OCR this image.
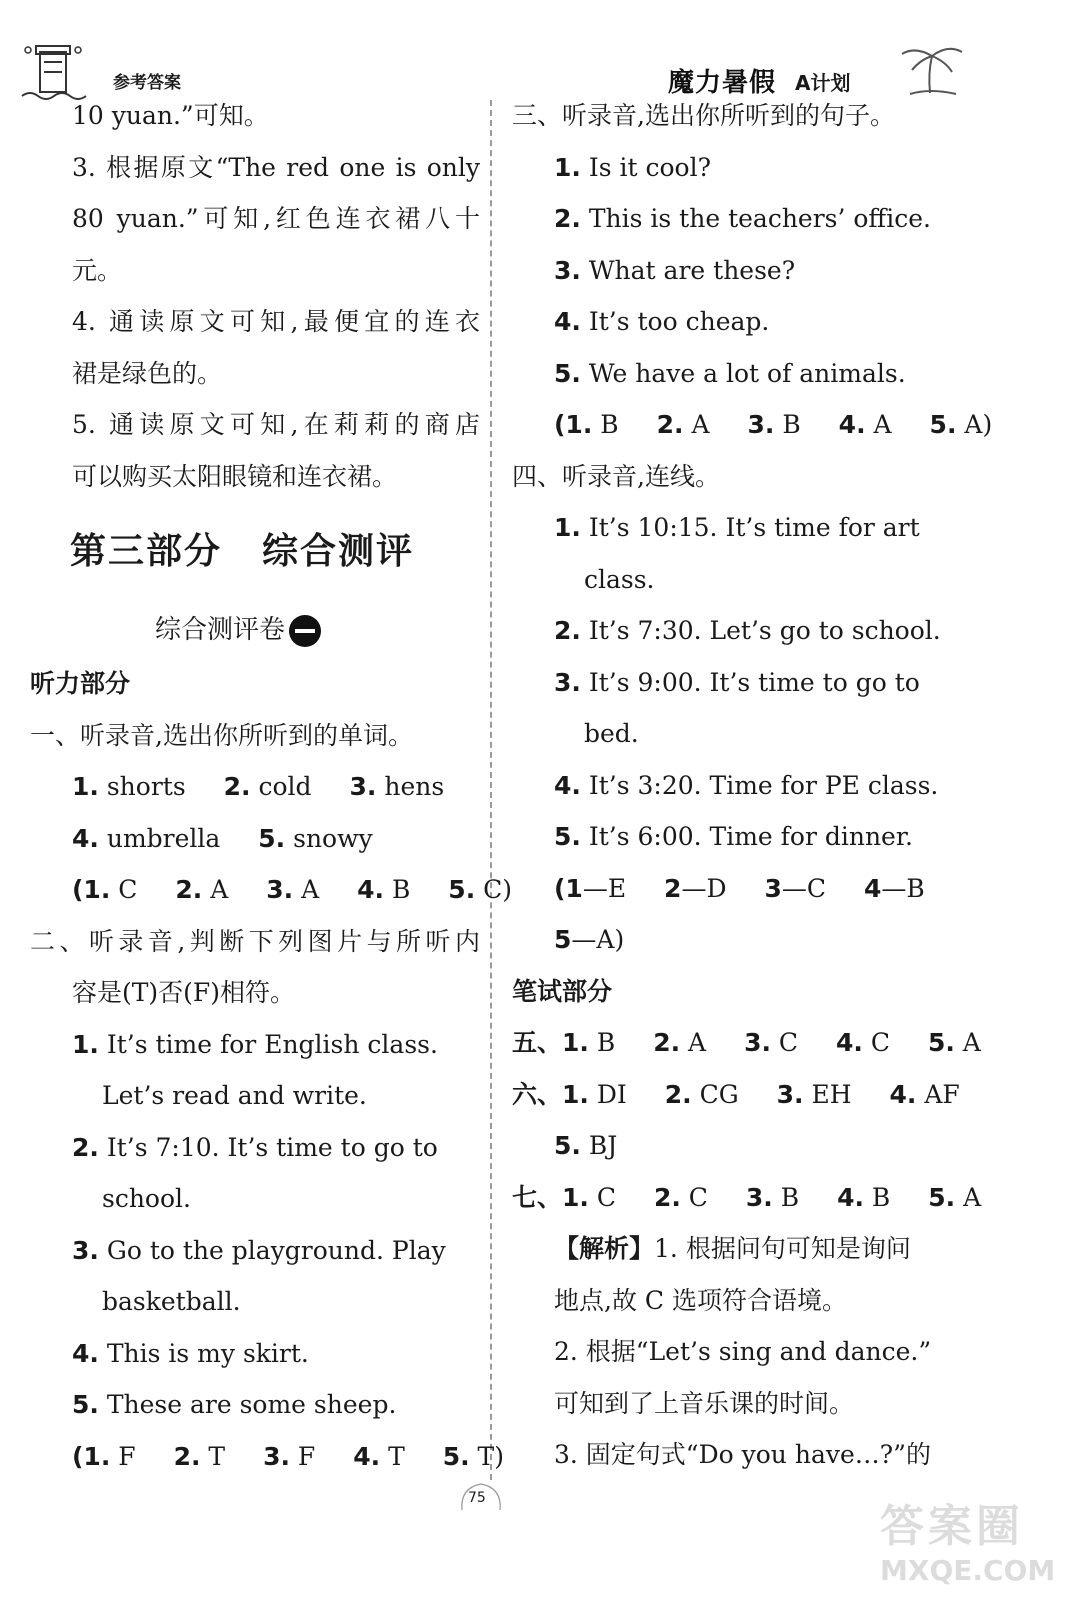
参考答案	魔力暑假 A计划
10 yuan.”可知。
3. 根据原文“The red one is only
80 yuan.”可知,红色连衣裙八十
元。
4. 通读原文可知,最便宜的连衣
裙是绿色的。
5. 通读原文可知,在莉莉的商店
可以购买太阳眼镜和连衣裙。
第三部分 综合测评
综合测评卷
听力部分
一、听录音,选出你所听到的单词。
1. shorts 2. cold 3. hens
4. umbrella 5. snowy
(1. C 2. A 3. A 4. B 5. C)
二、听录音,判断下列图片与所听内
容是(T)否(F)相符。
1. It’s time for English class.
Let’s read and write.
2. It’s 7:10. It’s time to go to
school.
3. Go to the playground. Play
basketball.
4. This is my skirt.
5. These are some sheep.
(1. F 2. T 3. F 4. T 5. T)
三、听录音,选出你所听到的句子。
1. Is it cool?
2. This is the teachers’ office.
3. What are these?
4. It’s too cheap.
5. We have a lot of animals.
(1. B 2. A 3. B 4. A 5. A)
四、听录音,连线。
1. It’s 10:15. It’s time for art
class.
2. It’s 7:30. Let’s go to school.
3. It’s 9:00. It’s time to go to
bed.
4. It’s 3:20. Time for PE class.
5. It’s 6:00. Time for dinner.
(1—E 2—D 3—C 4—B
5—A)
笔试部分
五、1. B 2. A 3. C 4. C 5. A
六、1. DI 2. CG 3. EH 4. AF
5. BJ
七、1. C 2. C 3. B 4. B 5. A
【解析】1. 根据问句可知是询问
地点,故 C 选项符合语境。
2. 根据“Let’s sing and dance.”
可知到了上音乐课的时间。
3. 固定句式“Do you have…?”的
75
答案圈
MXQE.COM
